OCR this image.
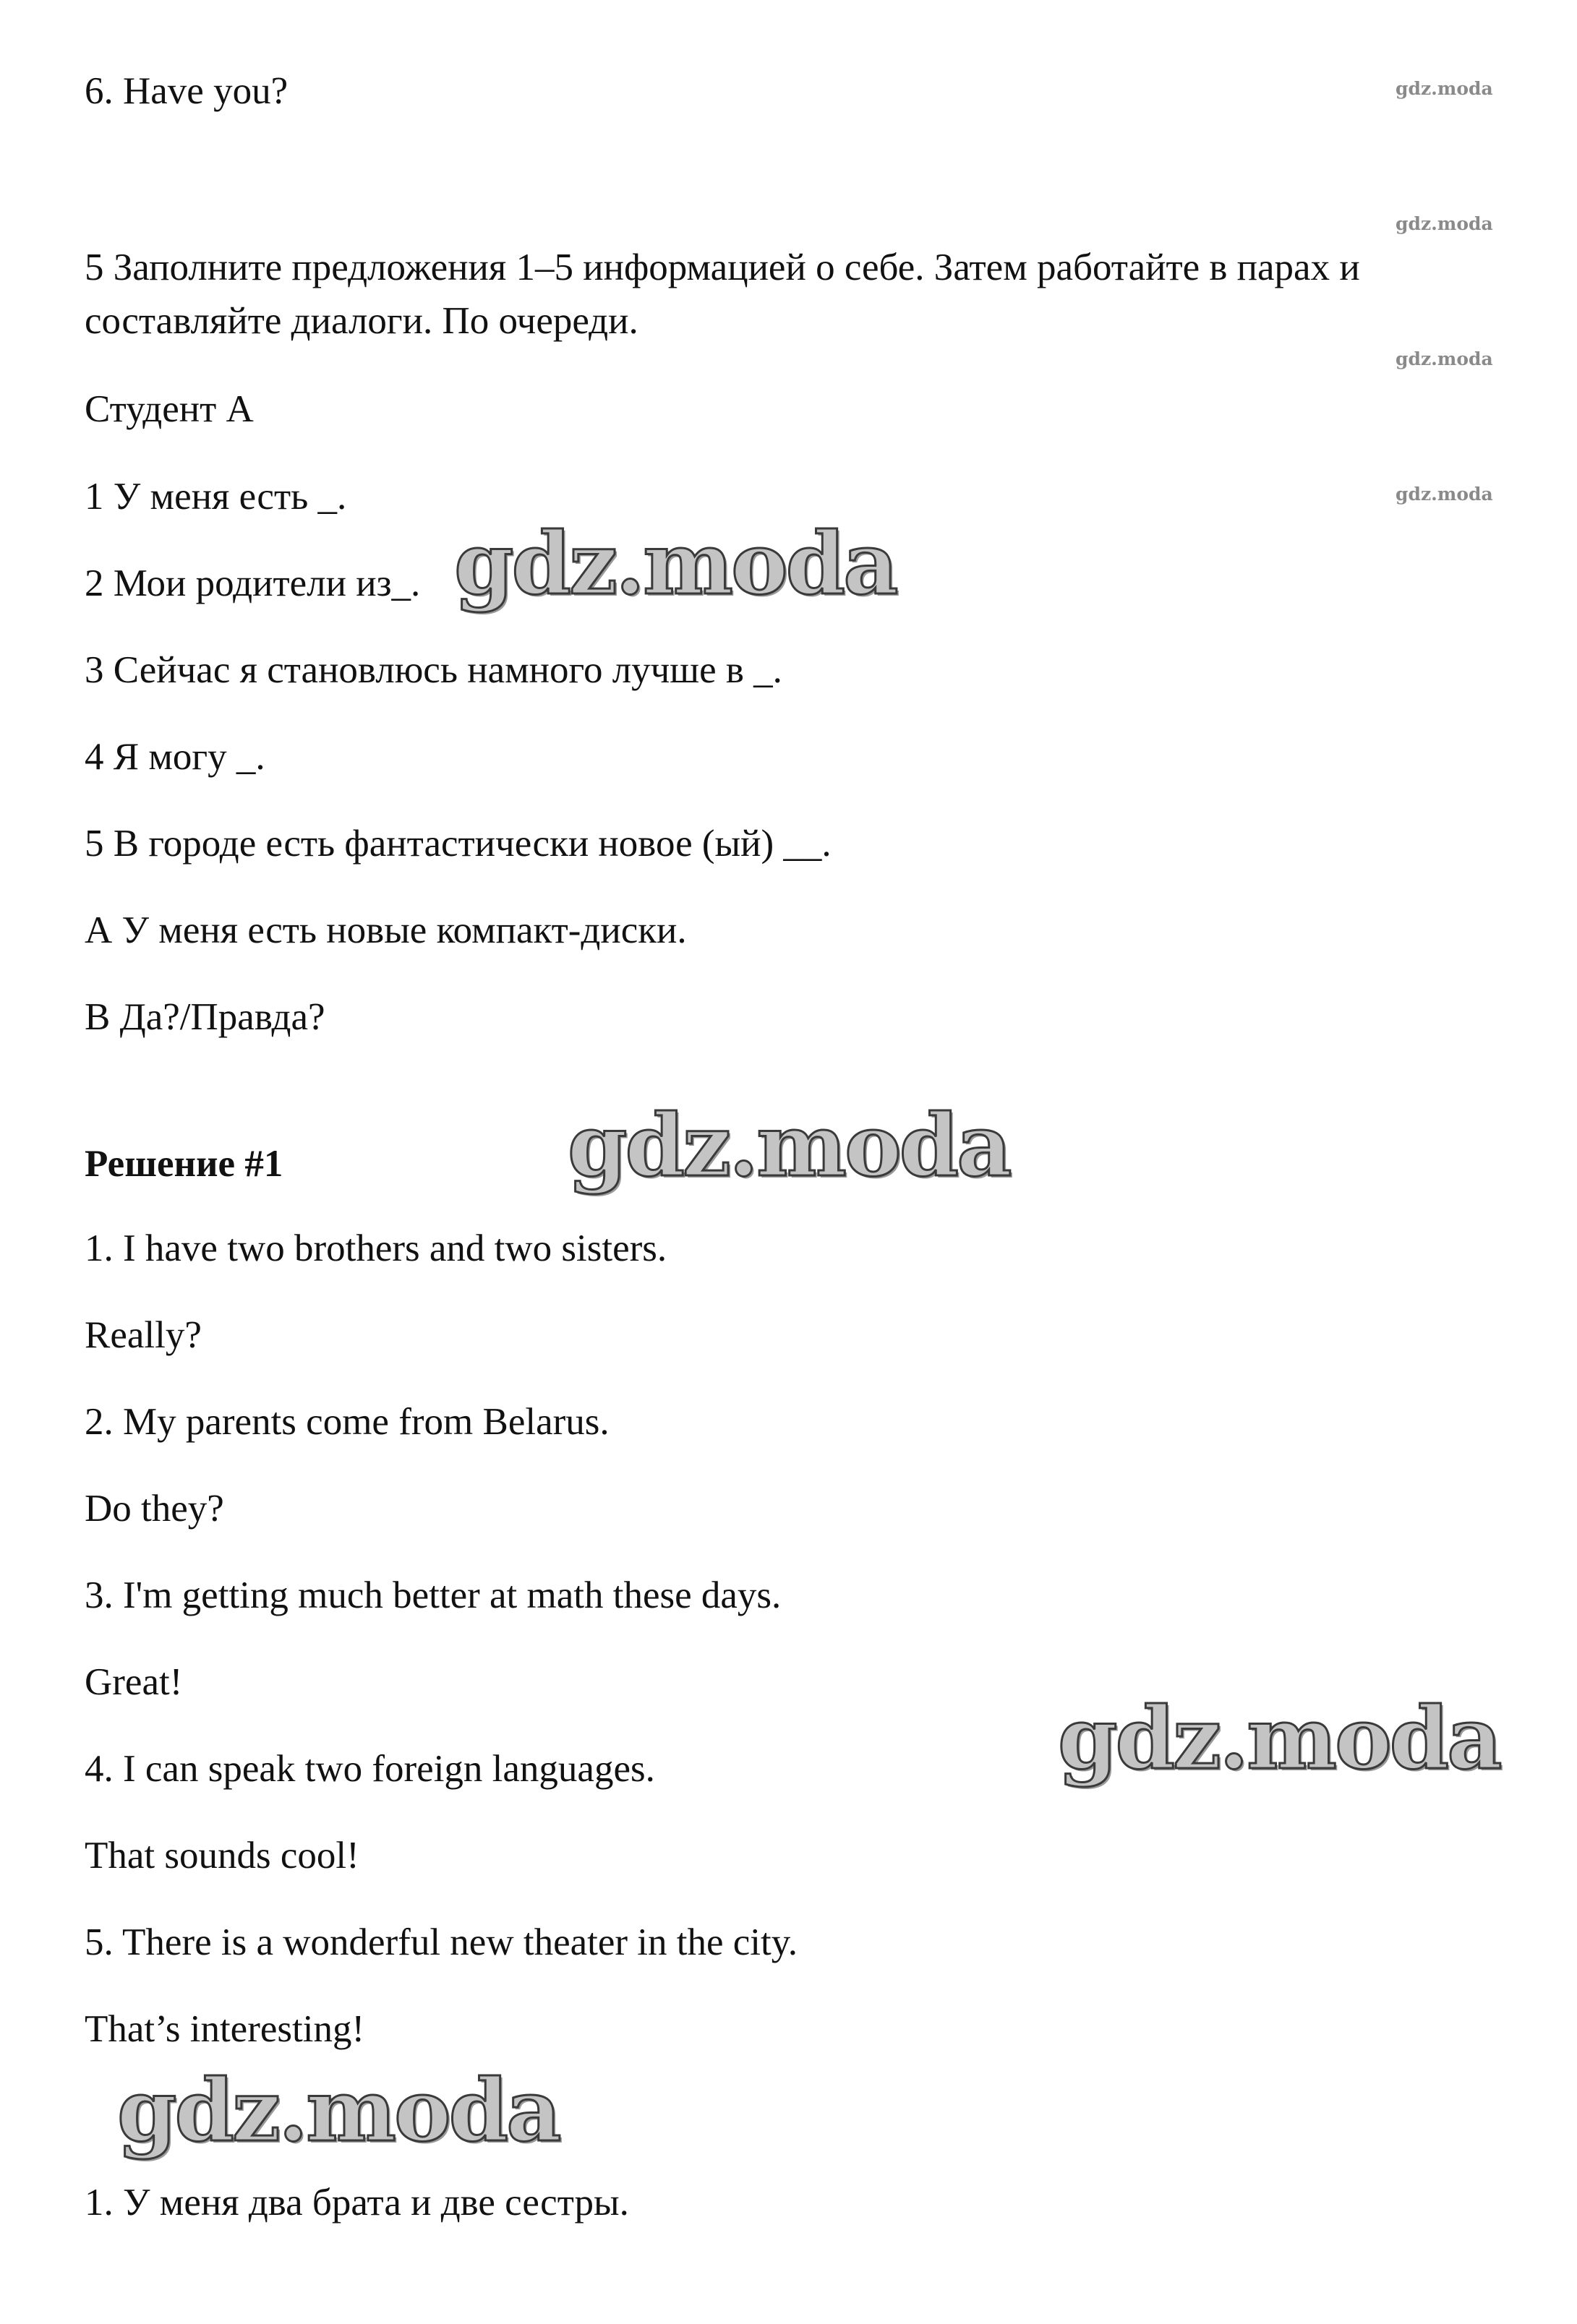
6. Have you?
5 Заполните предложения 1–5 информацией о себе. Затем работайте в парах и составляйте диалоги. По очереди.
Студент А
1 У меня есть _.
2 Мои родители из_.
3 Сейчас я становлюсь намного лучше в _.
4 Я могу _.
5 В городе есть фантастически новое (ый) __.
А У меня есть новые компакт-диски.
В Да?/Правда?
Решение #1
1. I have two brothers and two sisters.
Really?
2. My parents come from Belarus.
Do they?
3. I'm getting much better at math these days.
Great!
4. I can speak two foreign languages.
That sounds cool!
5. There is a wonderful new theater in the city.
That’s interesting!
1. У меня два брата и две сестры.
gdz.moda
gdz.moda
gdz.moda
gdz.moda
gdz.moda
gdz.moda
gdz.moda
gdz.moda
